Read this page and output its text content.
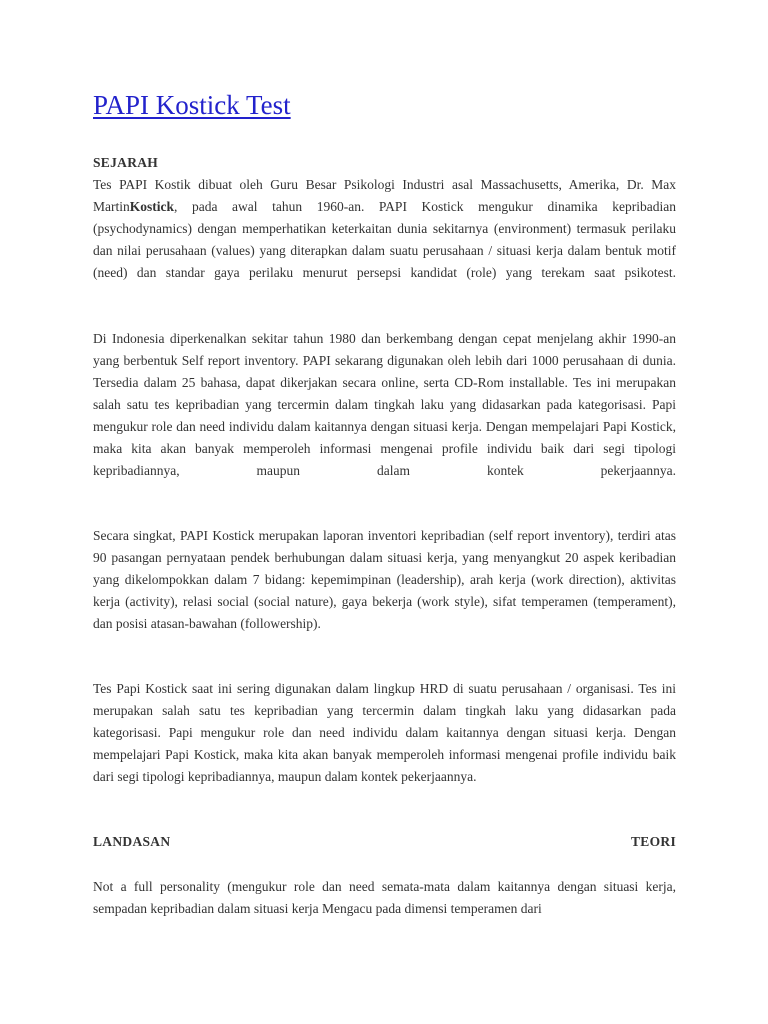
PAPI Kostick Test
SEJARAH

Tes PAPI Kostik dibuat oleh Guru Besar Psikologi Industri asal Massachusetts, Amerika, Dr. Max MartinKostick, pada awal tahun 1960-an. PAPI Kostick mengukur dinamika kepribadian (psychodynamics) dengan memperhatikan keterkaitan dunia sekitarnya (environment) termasuk perilaku dan nilai perusahaan (values) yang diterapkan dalam suatu perusahaan / situasi kerja dalam bentuk motif (need) dan standar gaya perilaku menurut persepsi kandidat (role) yang terekam saat psikotest.

Di Indonesia diperkenalkan sekitar tahun 1980 dan berkembang dengan cepat menjelang akhir 1990-an yang berbentuk Self report inventory. PAPI sekarang digunakan oleh lebih dari 1000 perusahaan di dunia. Tersedia dalam 25 bahasa, dapat dikerjakan secara online, serta CD-Rom installable. Tes ini merupakan salah satu tes kepribadian yang tercermin dalam tingkah laku yang didasarkan pada kategorisasi. Papi mengukur role dan need individu dalam kaitannya dengan situasi kerja. Dengan mempelajari Papi Kostick, maka kita akan banyak memperoleh informasi mengenai profile individu baik dari segi tipologi kepribadiannya, maupun dalam kontek pekerjaannya.

Secara singkat, PAPI Kostick merupakan laporan inventori kepribadian (self report inventory), terdiri atas 90 pasangan pernyataan pendek berhubungan dalam situasi kerja, yang menyangkut 20 aspek keribadian yang dikelompokkan dalam 7 bidang: kepemimpinan (leadership), arah kerja (work direction), aktivitas kerja (activity), relasi social (social nature), gaya bekerja (work style), sifat temperamen (temperament), dan posisi atasan-bawahan (followership).

Tes Papi Kostick saat ini sering digunakan dalam lingkup HRD di suatu perusahaan / organisasi. Tes ini merupakan salah satu tes kepribadian yang tercermin dalam tingkah laku yang didasarkan pada kategorisasi. Papi mengukur role dan need individu dalam kaitannya dengan situasi kerja. Dengan mempelajari Papi Kostick, maka kita akan banyak memperoleh informasi mengenai profile individu baik dari segi tipologi kepribadiannya, maupun dalam kontek pekerjaannya.

LANDASAN	TEORI

Not a full personality (mengukur role dan need semata-mata dalam kaitannya dengan situasi kerja, sempadan kepribadian dalam situasi kerja Mengacu pada dimensi temperamen dari
